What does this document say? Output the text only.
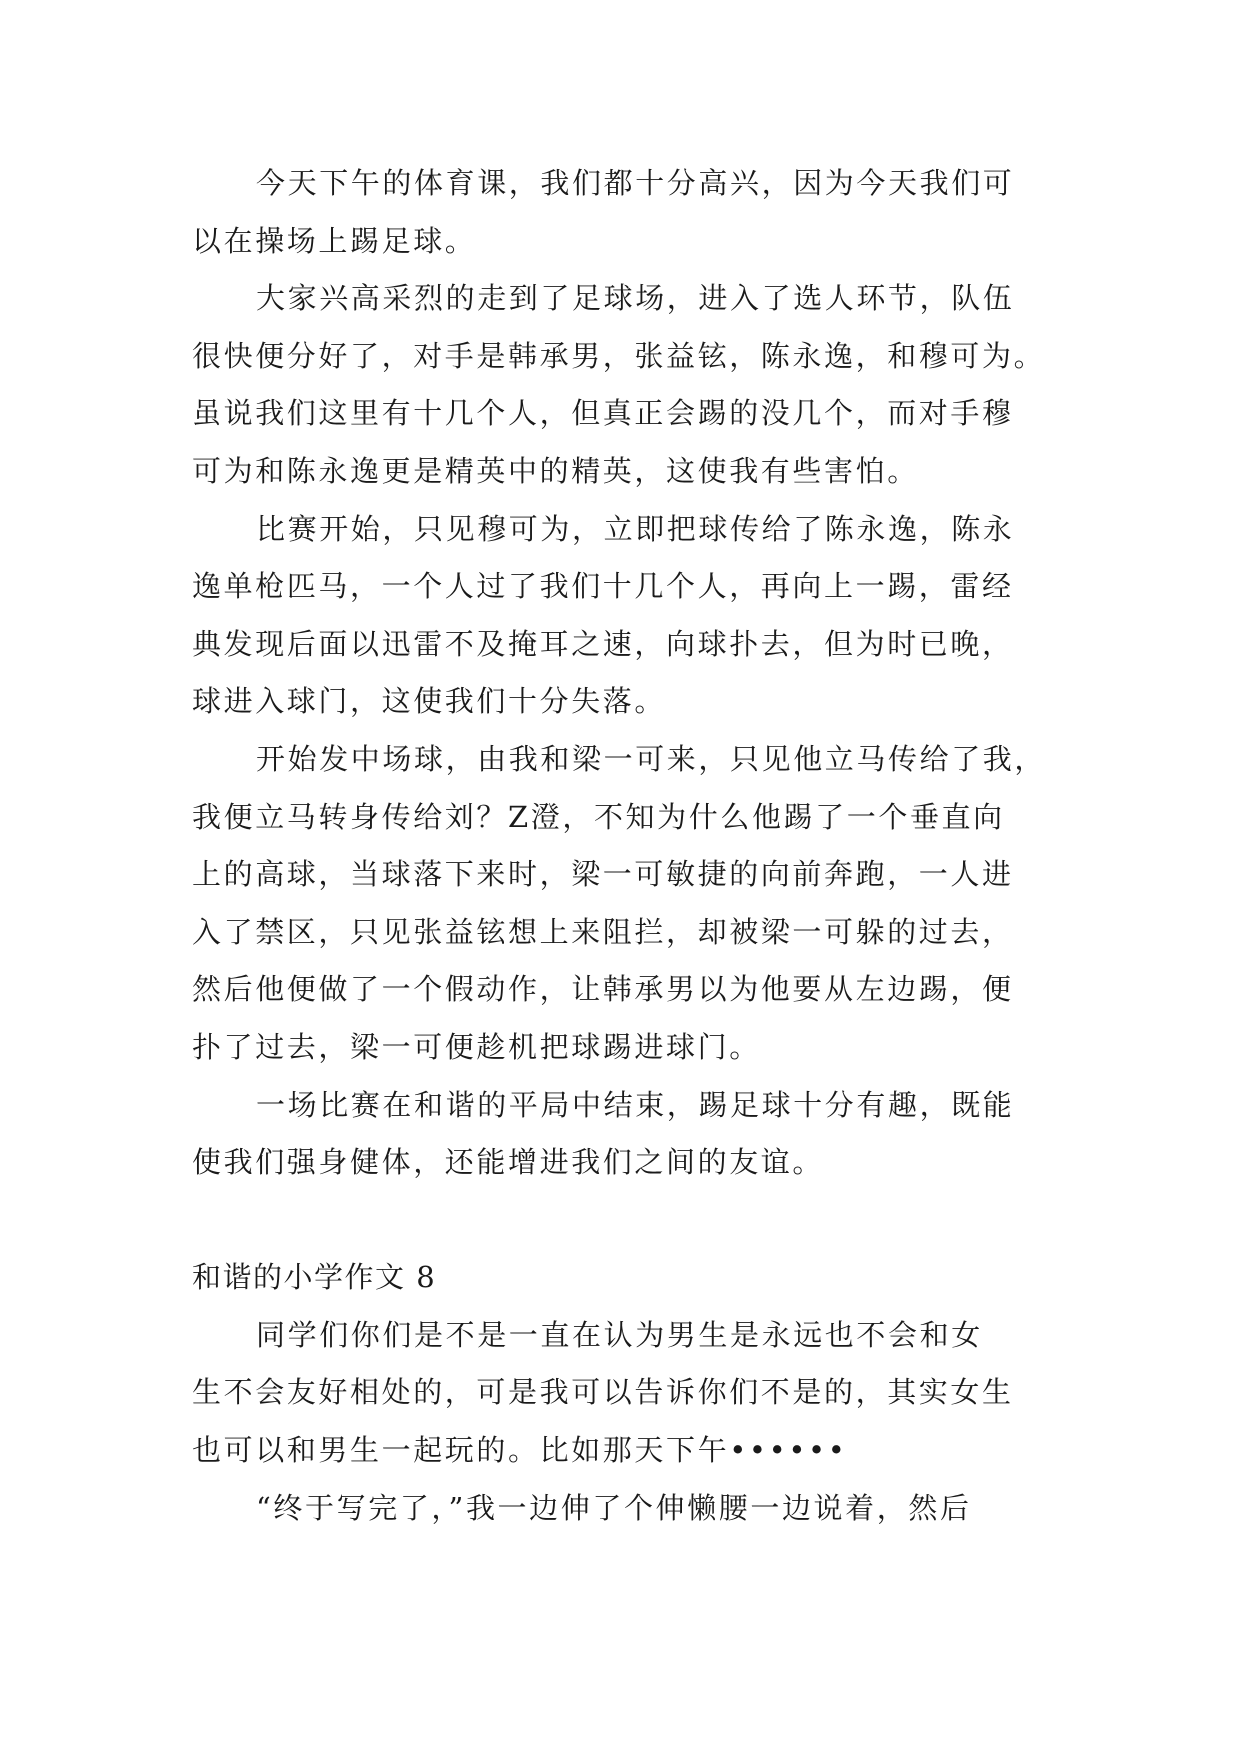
今天下午的体育课，我们都十分高兴，因为今天我们可
以在操场上踢足球。
大家兴高采烈的走到了足球场，进入了选人环节，队伍
很快便分好了，对手是韩承男，张益铉，陈永逸，和穆可为。
虽说我们这里有十几个人，但真正会踢的没几个，而对手穆
可为和陈永逸更是精英中的精英，这使我有些害怕。
比赛开始，只见穆可为，立即把球传给了陈永逸，陈永
逸单枪匹马，一个人过了我们十几个人，再向上一踢，雷经
典发现后面以迅雷不及掩耳之速，向球扑去，但为时已晚，
球进入球门，这使我们十分失落。
开始发中场球，由我和梁一可来，只见他立马传给了我，
我便立马转身传给刘？Z澄，不知为什么他踢了一个垂直向
上的高球，当球落下来时，梁一可敏捷的向前奔跑，一人进
入了禁区，只见张益铉想上来阻拦，却被梁一可躲的过去，
然后他便做了一个假动作，让韩承男以为他要从左边踢，便
扑了过去，梁一可便趁机把球踢进球门。
一场比赛在和谐的平局中结束，踢足球十分有趣，既能
使我们强身健体，还能增进我们之间的友谊。
和谐的小学作文 8
同学们你们是不是一直在认为男生是永远也不会和女
生不会友好相处的，可是我可以告诉你们不是的，其实女生
也可以和男生一起玩的。比如那天下午••••••
“终于写完了，”我一边伸了个伸懒腰一边说着，然后
